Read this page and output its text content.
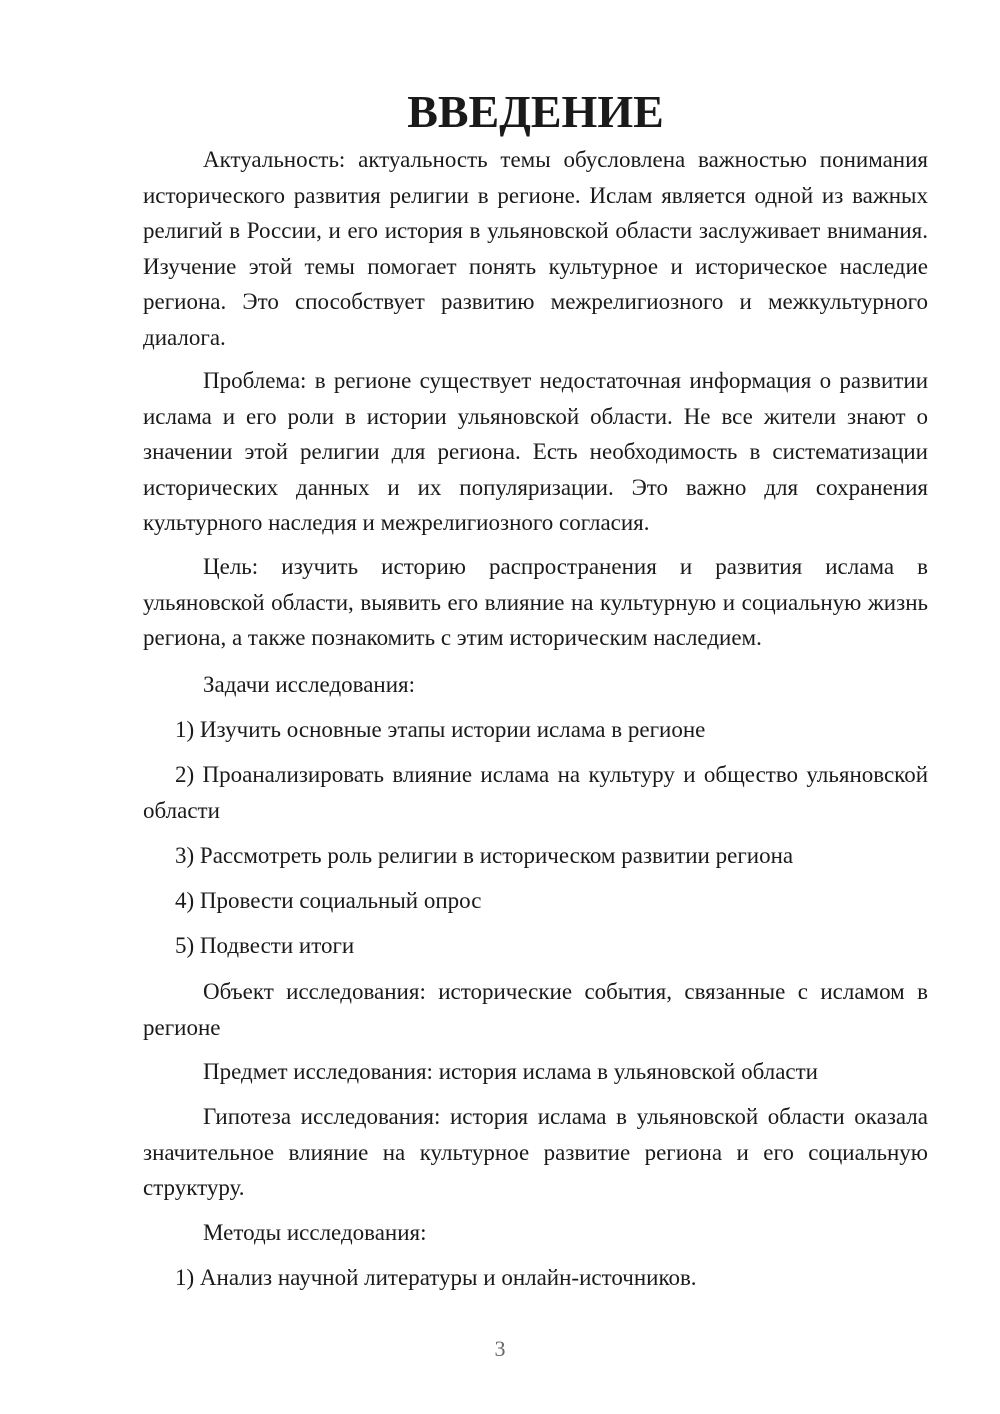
ВВЕДЕНИЕ

Актуальность: актуальность темы обусловлена важностью понимания исторического развития религии в регионе. Ислам является одной из важных религий в России, и его история в ульяновской области заслуживает внимания. Изучение этой темы помогает понять культурное и историческое наследие региона. Это способствует развитию межрелигиозного и межкультурного диалога.

Проблема: в регионе существует недостаточная информация о развитии ислама и его роли в истории ульяновской области. Не все жители знают о значении этой религии для региона. Есть необходимость в систематизации исторических данных и их популяризации. Это важно для сохранения культурного наследия и межрелигиозного согласия.

Цель: изучить историю распространения и развития ислама в ульяновской области, выявить его влияние на культурную и социальную жизнь региона, а также познакомить с этим историческим наследием.

Задачи исследования:

1) Изучить основные этапы истории ислама в регионе

2) Проанализировать влияние ислама на культуру и общество ульяновской области

3) Рассмотреть роль религии в историческом развитии региона

4) Провести социальный опрос

5) Подвести итоги

Объект исследования: исторические события, связанные с исламом в регионе

Предмет исследования: история ислама в ульяновской области

Гипотеза исследования: история ислама в ульяновской области оказала значительное влияние на культурное развитие региона и его социальную структуру.

Методы исследования:

1) Анализ научной литературы и онлайн-источников.

3
